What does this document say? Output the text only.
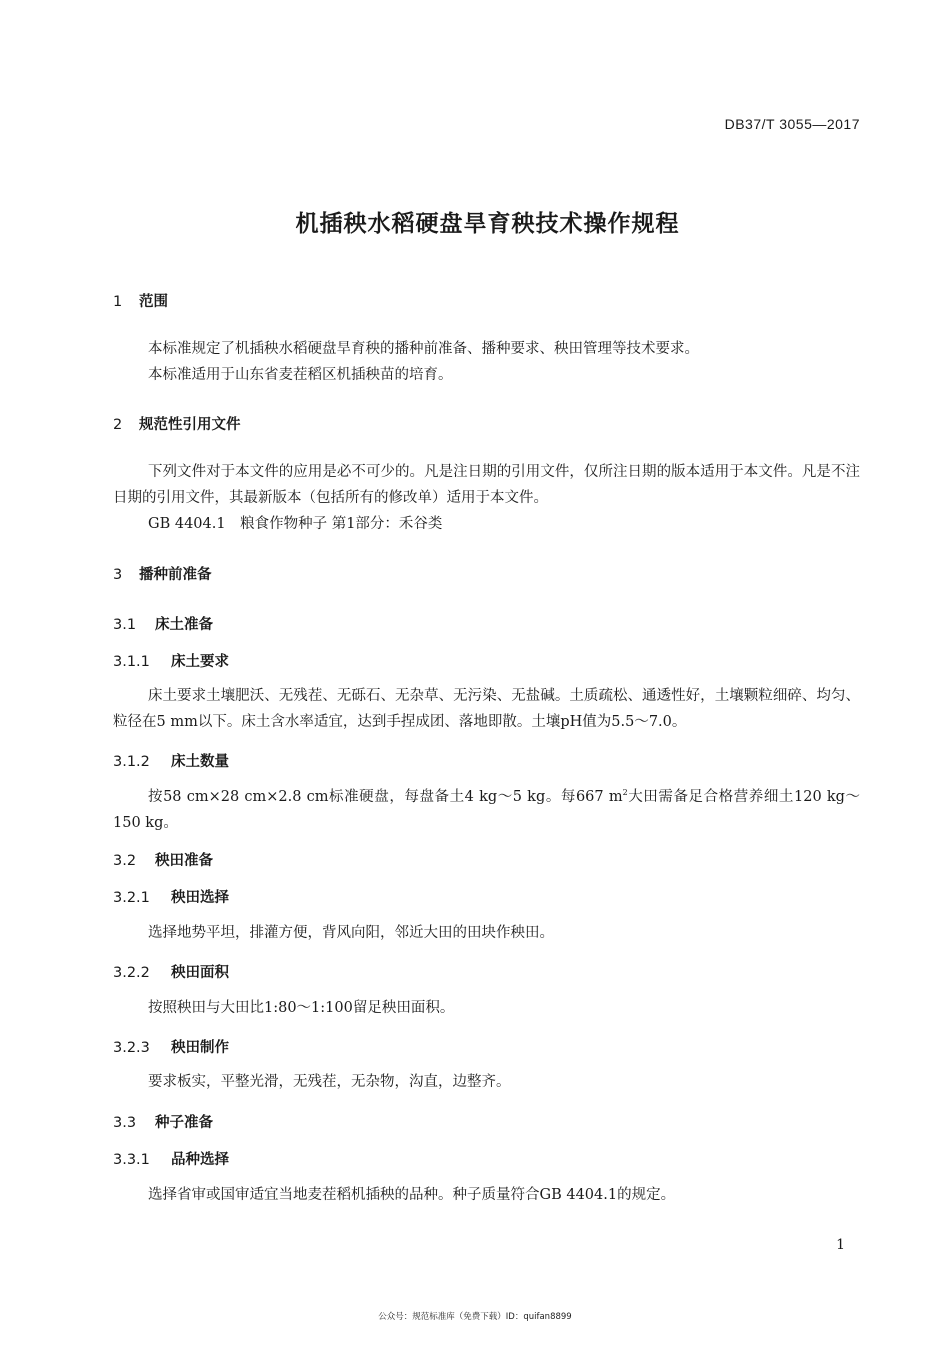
DB37/T 3055—2017
机插秧水稻硬盘旱育秧技术操作规程
1 范围
本标准规定了机插秧水稻硬盘旱育秧的播种前准备、播种要求、秧田管理等技术要求。
本标准适用于山东省麦茬稻区机插秧苗的培育。
2 规范性引用文件
下列文件对于本文件的应用是必不可少的。凡是注日期的引用文件，仅所注日期的版本适用于本文件。凡是不注日期的引用文件，其最新版本（包括所有的修改单）适用于本文件。
GB 4404.1　粮食作物种子 第1部分：禾谷类
3 播种前准备
3.1 床土准备
3.1.1 床土要求
床土要求土壤肥沃、无残茬、无砾石、无杂草、无污染、无盐碱。土质疏松、通透性好，土壤颗粒细碎、均匀、粒径在5 mm以下。床土含水率适宜，达到手捏成团、落地即散。土壤pH值为5.5～7.0。
3.1.2 床土数量
按58 cm×28 cm×2.8 cm标准硬盘，每盘备土4 kg～5 kg。每667 $m^2$大田需备足合格营养细土120 kg～150 kg。
3.2 秧田准备
3.2.1 秧田选择
选择地势平坦，排灌方便，背风向阳，邻近大田的田块作秧田。
3.2.2 秧田面积
按照秧田与大田比1:80～1:100留足秧田面积。
3.2.3 秧田制作
要求板实，平整光滑，无残茬，无杂物，沟直，边整齐。
3.3 种子准备
3.3.1 品种选择
选择省审或国审适宜当地麦茬稻机插秧的品种。种子质量符合GB 4404.1的规定。
1
公众号：规范标准库（免费下载）ID：quifan8899
